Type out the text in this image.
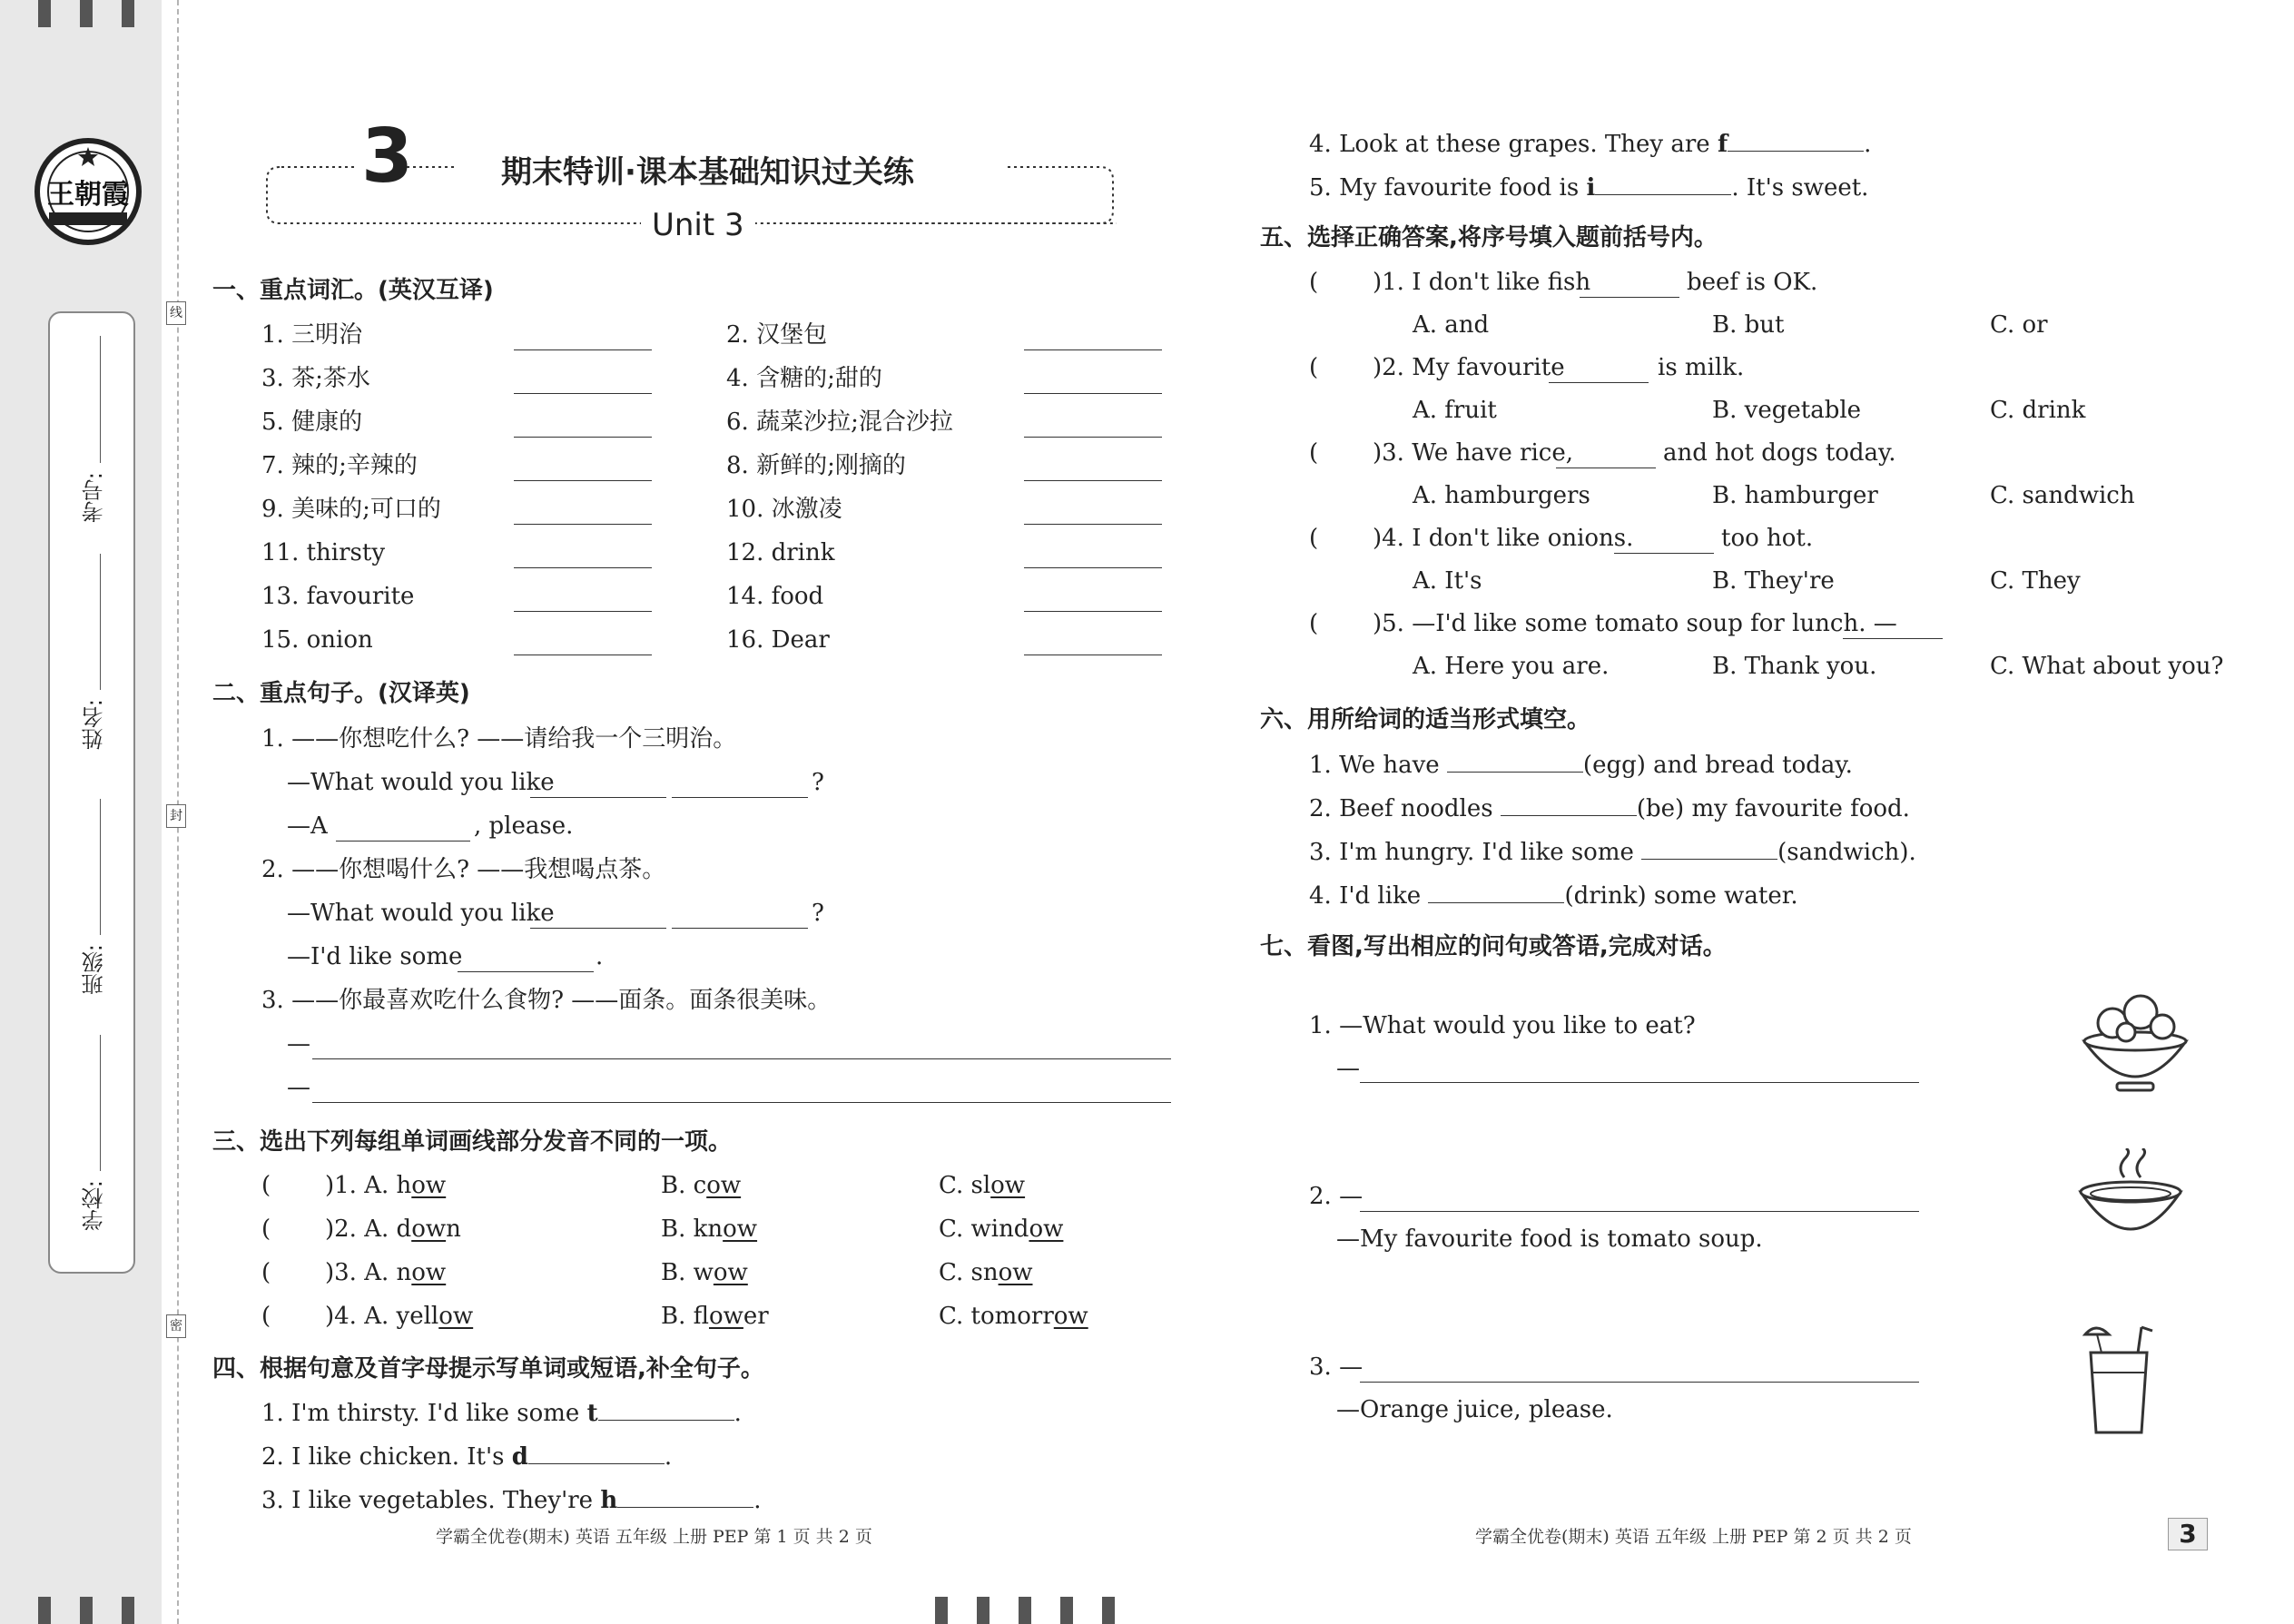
王朝霞
考号:
姓名:
班级:
学校:
线
封
密
3	期末特训·课本基础知识过关练
Unit 3
一、重点词汇。(英汉互译)
1. 三明治	2. 汉堡包
3. 茶;茶水	4. 含糖的;甜的
5. 健康的	6. 蔬菜沙拉;混合沙拉
7. 辣的;辛辣的	8. 新鲜的;刚摘的
9. 美味的;可口的	10. 冰激凌
11. thirsty	12. drink
13. favourite	14. food
15. onion	16. Dear
二、重点句子。(汉译英)
1. ——你想吃什么? ——请给我一个三明治。
—What would you like	?
—A	, please.
2. ——你想喝什么? ——我想喝点茶。
—What would you like	?
—I'd like some	.
3. ——你最喜欢吃什么食物? ——面条。面条很美味。
—
—
三、选出下列每组单词画线部分发音不同的一项。
( )1. A. how	B. cow	C. slow
( )2. A. down	B. know	C. window
( )3. A. now	B. wow	C. snow
( )4. A. yellow	B. flower	C. tomorrow
四、根据句意及首字母提示写单词或短语,补全句子。
1. I'm thirsty. I'd like some t	.
2. I like chicken. It's d	.
3. I like vegetables. They're h	.
4. Look at these grapes. They are f	.
5. My favourite food is i	. It's sweet.
五、选择正确答案,将序号填入题前括号内。
( )1. I don't like fish	beef is OK.
A. and	B. but	C. or
( )2. My favourite	is milk.
A. fruit	B. vegetable	C. drink
( )3. We have rice,	and hot dogs today.
A. hamburgers	B. hamburger	C. sandwich
( )4. I don't like onions.	too hot.
A. It's	B. They're	C. They
( )5. —I'd like some tomato soup for lunch. —
A. Here you are.	B. Thank you.	C. What about you?
六、用所给词的适当形式填空。
1. We have	(egg) and bread today.
2. Beef noodles	(be) my favourite food.
3. I'm hungry. I'd like some	(sandwich).
4. I'd like	(drink) some water.
七、看图,写出相应的问句或答语,完成对话。
1. —What would you like to eat?
—
2. —
—My favourite food is tomato soup.
3. —
—Orange juice, please.
学霸全优卷(期末) 英语 五年级 上册 PEP 第 1 页 共 2 页	学霸全优卷(期末) 英语 五年级 上册 PEP 第 2 页 共 2 页	3
